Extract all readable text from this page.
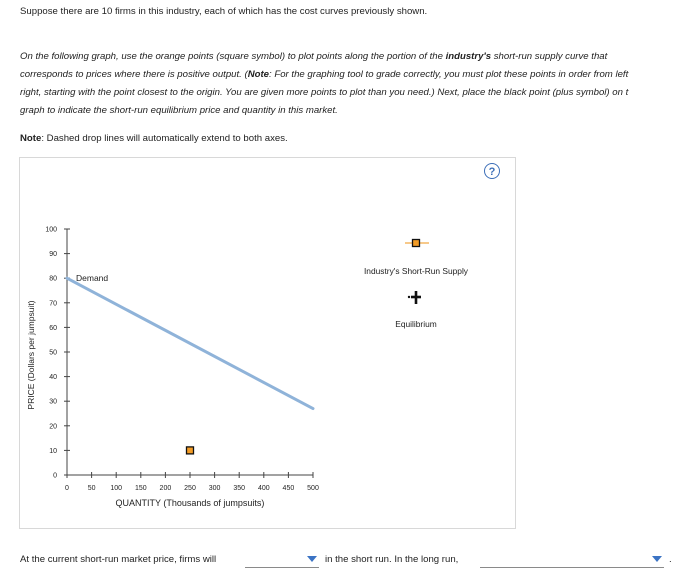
Suppose there are 10 firms in this industry, each of which has the cost curves previously shown.

On the following graph, use the orange points (square symbol) to plot points along the portion of the industry's short-run supply curve that

corresponds to prices where there is positive output. (Note: For the graphing tool to grade correctly, you must plot these points in order from left

right, starting with the point closest to the origin. You are given more points to plot than you need.) Next, place the black point (plus symbol) on t

graph to indicate the short-run equilibrium price and quantity in this market.

Note: Dashed drop lines will automatically extend to both axes.

?
0	50 100 150 200 250 300 350 400 450 500
0
10
20
30
40
50
60
70
80
90
100
Demand
QUANTITY (Thousands of jumpsuits)
PRICE (Dollars per jumpsuit)
Industry's Short-Run Supply
Equilibrium
At the current short-run market price, firms will	in the short run. In the long run,	.
